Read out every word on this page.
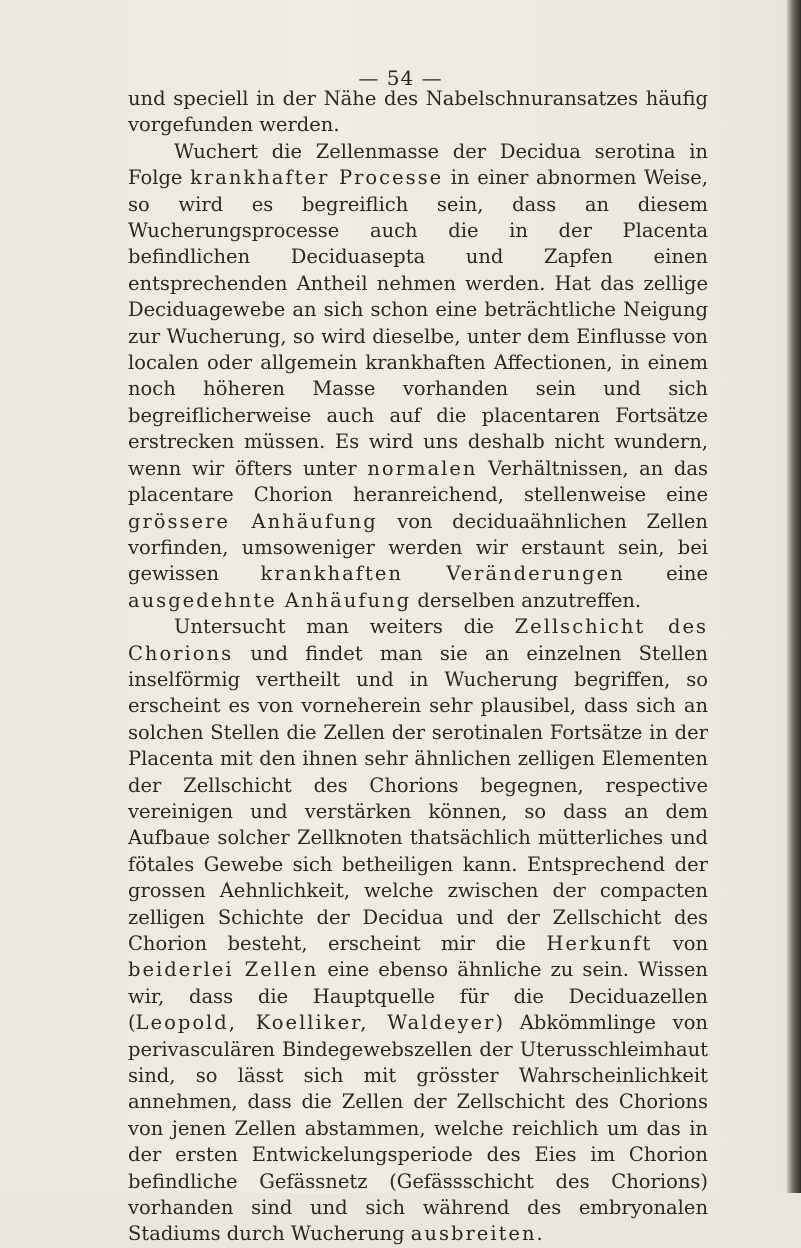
— 54 —

und speciell in der Nähe des Nabelschnuransatzes häufig vorgefunden werden.

Wuchert die Zellenmasse der Decidua serotina in Folge krankhafter Processe in einer abnormen Weise, so wird es begreiflich sein, dass an diesem Wucherungsprocesse auch die in der Placenta befindlichen Deciduasepta und Zapfen einen entsprechenden Antheil nehmen werden. Hat das zellige Deciduagewebe an sich schon eine beträchtliche Neigung zur Wucherung, so wird dieselbe, unter dem Einflusse von localen oder allgemein krankhaften Affectionen, in einem noch höheren Masse vorhanden sein und sich begreiflicherweise auch auf die placentaren Fortsätze erstrecken müssen. Es wird uns deshalb nicht wundern, wenn wir öfters unter normalen Verhältnissen, an das placentare Chorion heranreichend, stellenweise eine grössere Anhäufung von deciduaähnlichen Zellen vorfinden, umsoweniger werden wir erstaunt sein, bei gewissen krankhaften Veränderungen eine ausgedehnte Anhäufung derselben anzutreffen.

Untersucht man weiters die Zellschicht des Chorions und findet man sie an einzelnen Stellen inselförmig vertheilt und in Wucherung begriffen, so erscheint es von vorneherein sehr plausibel, dass sich an solchen Stellen die Zellen der serotinalen Fortsätze in der Placenta mit den ihnen sehr ähnlichen zelligen Elementen der Zellschicht des Chorions begegnen, respective vereinigen und verstärken können, so dass an dem Aufbaue solcher Zellknoten thatsächlich mütterliches und fötales Gewebe sich betheiligen kann. Entsprechend der grossen Aehnlichkeit, welche zwischen der compacten zelligen Schichte der Decidua und der Zellschicht des Chorion besteht, erscheint mir die Herkunft von beiderlei Zellen eine ebenso ähnliche zu sein. Wissen wir, dass die Hauptquelle für die Deciduazellen (Leopold, Koelliker, Waldeyer) Abkömmlinge von perivasculären Bindegewebszellen der Uterusschleimhaut sind, so lässt sich mit grösster Wahrscheinlichkeit annehmen, dass die Zellen der Zellschicht des Chorions von jenen Zellen abstammen, welche reichlich um das in der ersten Entwickelungsperiode des Eies im Chorion befindliche Gefässnetz (Gefässschicht des Chorions) vorhanden sind und sich während des embryonalen Stadiums durch Wucherung ausbreiten.
